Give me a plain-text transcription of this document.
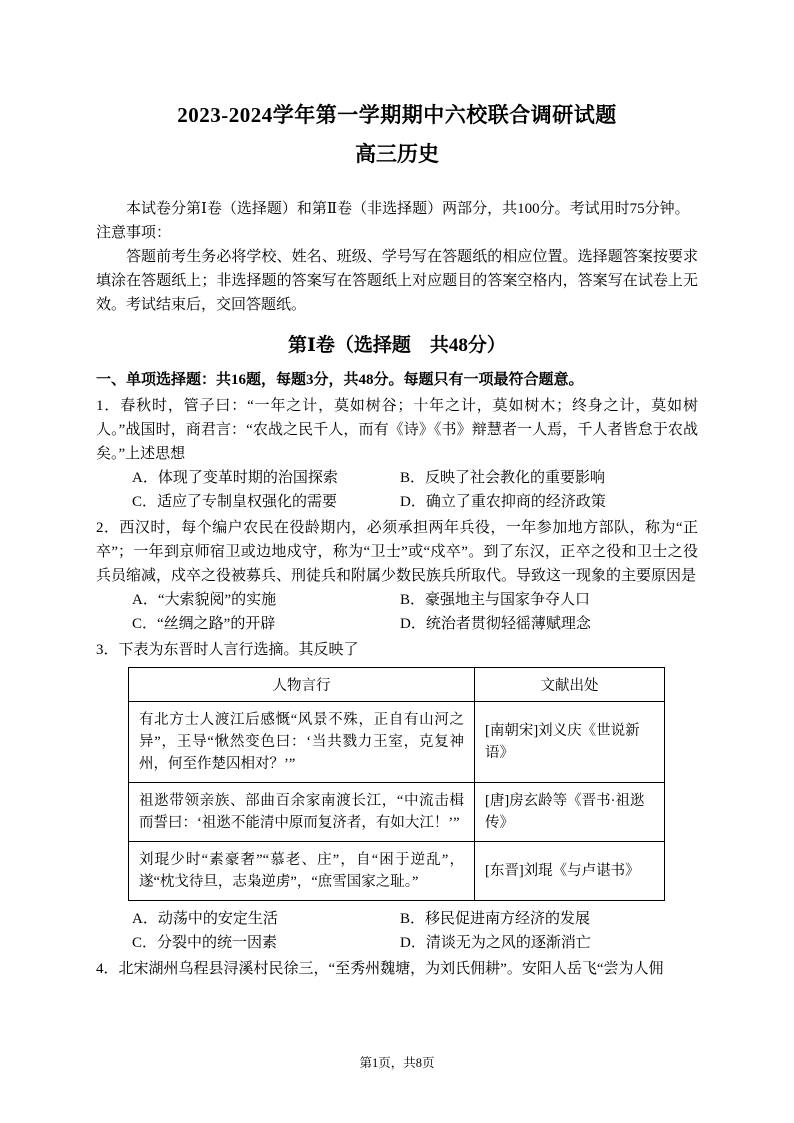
2023-2024学年第一学期期中六校联合调研试题
高三历史

本试卷分第Ⅰ卷（选择题）和第Ⅱ卷（非选择题）两部分，共100分。考试用时75分钟。

注意事项：

答题前考生务必将学校、姓名、班级、学号写在答题纸的相应位置。选择题答案按要求填涂在答题纸上；非选择题的答案写在答题纸上对应题目的答案空格内，答案写在试卷上无效。考试结束后，交回答题纸。

第Ⅰ卷（选择题　共48分）

一、单项选择题：共16题，每题3分，共48分。每题只有一项最符合题意。

1．春秋时，管子曰：“一年之计，莫如树谷；十年之计，莫如树木；终身之计，莫如树人。”战国时，商君言：“农战之民千人，而有《诗》《书》辩慧者一人焉，千人者皆怠于农战矣。”上述思想

A．体现了变革时期的治国探索	B．反映了社会教化的重要影响
C．适应了专制皇权强化的需要	D．确立了重农抑商的经济政策

2．西汉时，每个编户农民在役龄期内，必须承担两年兵役，一年参加地方部队，称为“正卒”；一年到京师宿卫或边地戍守，称为“卫士”或“戍卒”。到了东汉，正卒之役和卫士之役兵员缩减，戍卒之役被募兵、刑徒兵和附属少数民族兵所取代。导致这一现象的主要原因是

A．“大索貌阅”的实施	B．豪强地主与国家争夺人口
C．“丝绸之路”的开辟	D．统治者贯彻轻徭薄赋理念

3．下表为东晋时人言行选摘。其反映了

人物言行	文献出处
有北方士人渡江后感慨“风景不殊，正自有山河之异”，王导“愀然变色曰：‘当共戮力王室，克复神州，何至作楚囚相对？’”	[南朝宋]刘义庆《世说新语》
祖逖带领亲族、部曲百余家南渡长江，“中流击楫而誓曰：‘祖逖不能清中原而复济者，有如大江！’”	[唐]房玄龄等《晋书·祖逖传》
刘琨少时“素豪奢”“慕老、庄”，自“困于逆乱”，遂“枕戈待旦，志枭逆虏”，“庶雪国家之耻。”	[东晋]刘琨《与卢谌书》
A．动荡中的安定生活	B．移民促进南方经济的发展
C．分裂中的统一因素	D．清谈无为之风的逐渐消亡

4．北宋湖州乌程县浔溪村民徐三，“至秀州魏塘，为刘氏佣耕”。安阳人岳飞“尝为人佣

第1页，共8页
